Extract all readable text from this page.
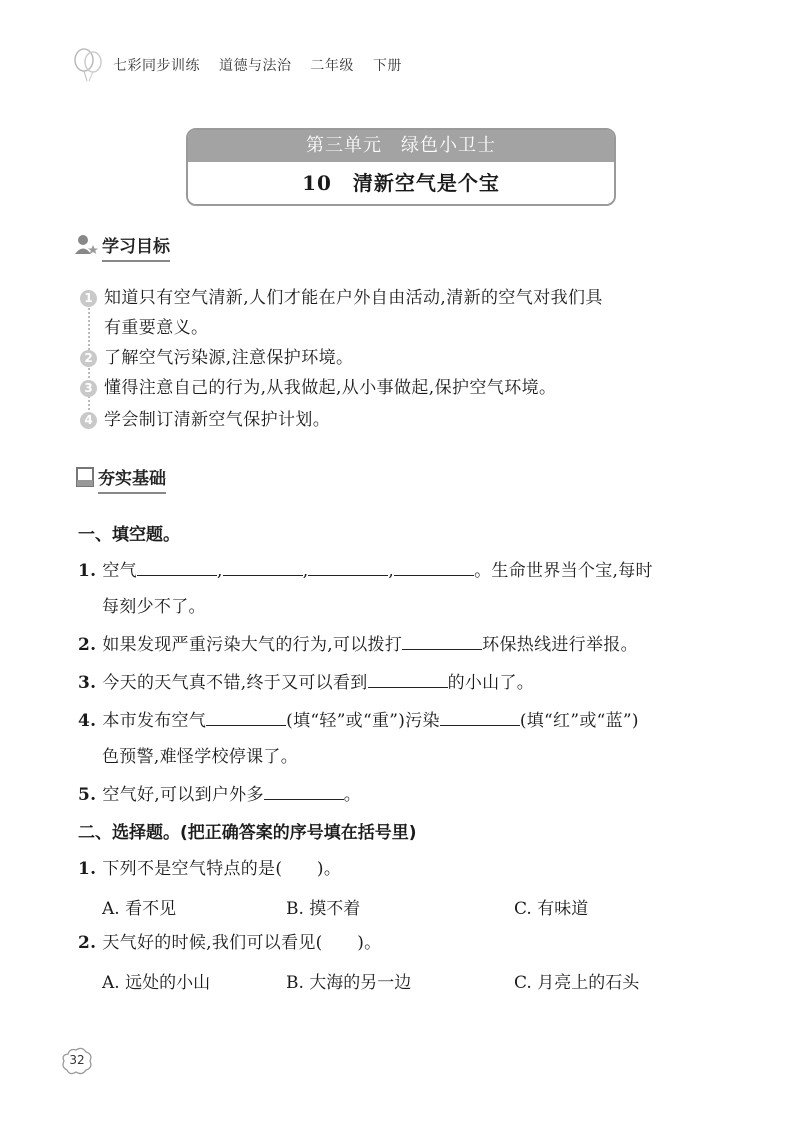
七彩同步训练 道德与法治 二年级 下册
第三单元　绿色小卫士
10　清新空气是个宝
学习目标
1 知道只有空气清新,人们才能在户外自由活动,清新的空气对我们具
有重要意义。
2 了解空气污染源,注意保护环境。
3 懂得注意自己的行为,从我做起,从小事做起,保护空气环境。
4 学会制订清新空气保护计划。
夯实基础
一、填空题。
1. 空气	,	,	,	。生命世界当个宝,每时
每刻少不了。
2. 如果发现严重污染大气的行为,可以拨打	环保热线进行举报。
3. 今天的天气真不错,终于又可以看到	的小山了。
4. 本市发布空气	(填“轻”或“重”)污染	(填“红”或“蓝”)
色预警,难怪学校停课了。
5. 空气好,可以到户外多	。
二、选择题。(把正确答案的序号填在括号里)
1. 下列不是空气特点的是(　　)。
A. 看不见	B. 摸不着	C. 有味道
2. 天气好的时候,我们可以看见(　　)。
A. 远处的小山	B. 大海的另一边	C. 月亮上的石头
32
